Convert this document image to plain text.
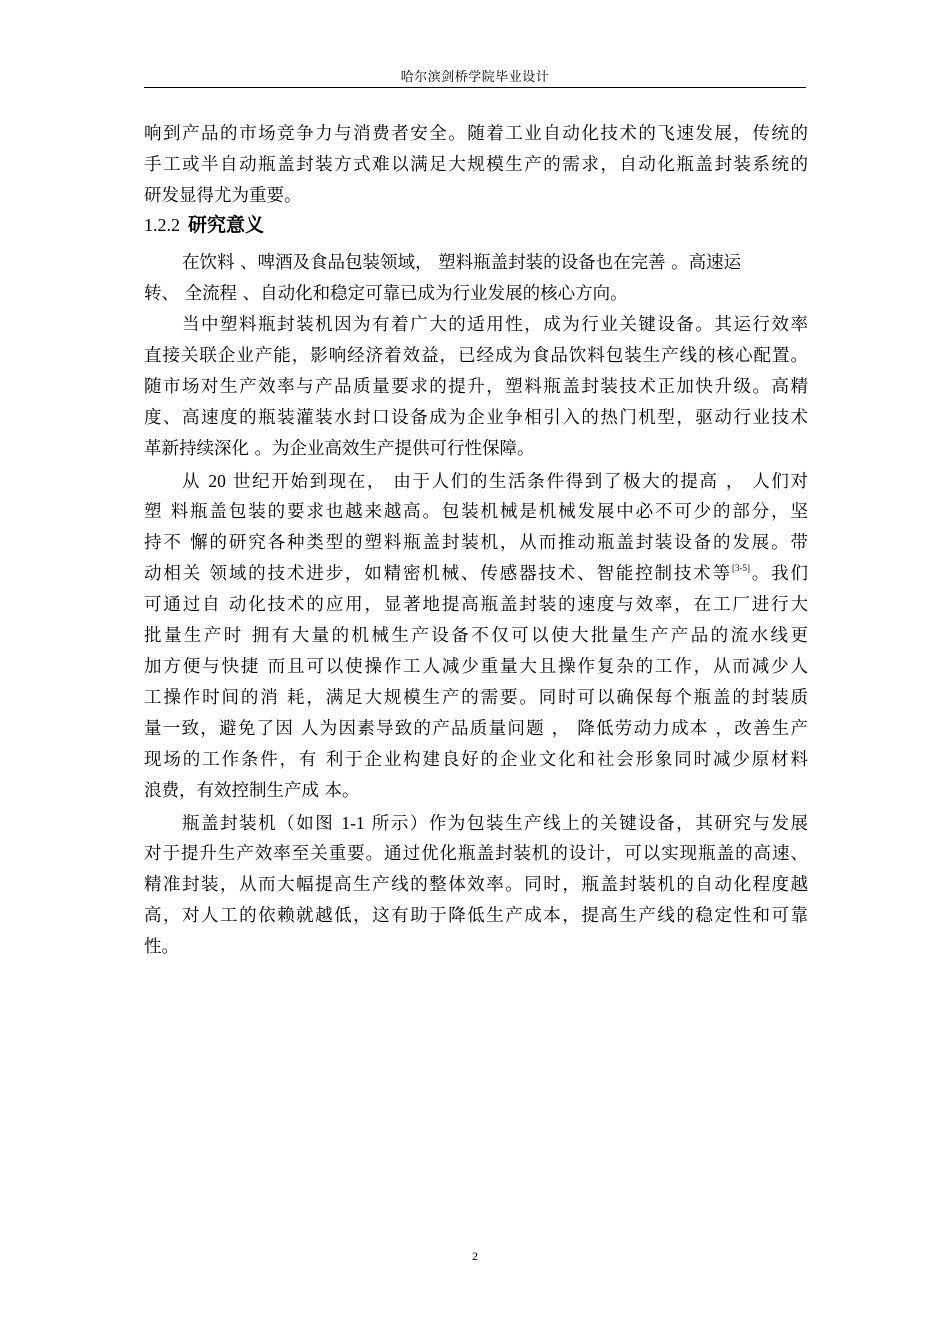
哈尔滨剑桥学院毕业设计
响到产品的市场竞争力与消费者安全。随着工业自动化技术的飞速发展，传统的
手工或半自动瓶盖封装方式难以满足大规模生产的需求，自动化瓶盖封装系统的
研发显得尤为重要。
1.2.2 研究意义
在饮料 、啤酒及食品包装领域， 塑料瓶盖封装的设备也在完善 。高速运
转、 全流程 、自动化和稳定可靠已成为行业发展的核心方向。
当中塑料瓶封装机因为有着广大的适用性，成为行业关键设备。其运行效率
直接关联企业产能，影响经济着效益，已经成为食品饮料包装生产线的核心配置。
随市场对生产效率与产品质量要求的提升，塑料瓶盖封装技术正加快升级。高精
度、高速度的瓶装灌装水封口设备成为企业争相引入的热门机型，驱动行业技术
革新持续深化 。为企业高效生产提供可行性保障。
从 20 世纪开始到现在， 由于人们的生活条件得到了极大的提高 ， 人们对
塑 料瓶盖包装的要求也越来越高。包装机械是机械发展中必不可少的部分，坚
持不 懈的研究各种类型的塑料瓶盖封装机，从而推动瓶盖封装设备的发展。带
动相关 领域的技术进步，如精密机械、传感器技术、智能控制技术等[3-5]。我们
可通过自 动化技术的应用，显著地提高瓶盖封装的速度与效率，在工厂进行大
批量生产时 拥有大量的机械生产设备不仅可以使大批量生产产品的流水线更
加方便与快捷 而且可以使操作工人减少重量大且操作复杂的工作，从而减少人
工操作时间的消 耗，满足大规模生产的需要。同时可以确保每个瓶盖的封装质
量一致，避免了因 人为因素导致的产品质量问题 ， 降低劳动力成本 ，改善生产
现场的工作条件，有 利于企业构建良好的企业文化和社会形象同时减少原材料
浪费，有效控制生产成 本。
瓶盖封装机（如图 1-1 所示）作为包装生产线上的关键设备，其研究与发展
对于提升生产效率至关重要。通过优化瓶盖封装机的设计，可以实现瓶盖的高速、
精准封装，从而大幅提高生产线的整体效率。同时，瓶盖封装机的自动化程度越
高，对人工的依赖就越低，这有助于降低生产成本，提高生产线的稳定性和可靠
性。
2
